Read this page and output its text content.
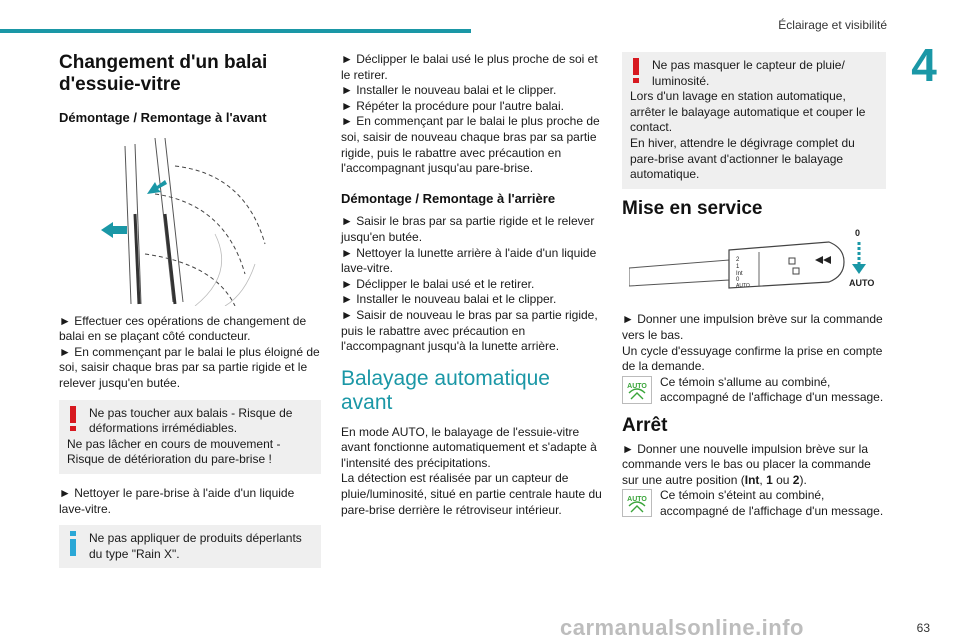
Éclairage et visibilité
4
Changement d'un balai d'essuie-vitre
Démontage / Remontage à l'avant

► Effectuer ces opérations de changement de balai en se plaçant côté conducteur.

► En commençant par le balai le plus éloigné de soi, saisir chaque bras par sa partie rigide et le relever jusqu'en butée.

Ne pas toucher aux balais - Risque de déformations irrémédiables.

Ne pas lâcher en cours de mouvement - Risque de détérioration du pare-brise !

► Nettoyer le pare-brise à l'aide d'un liquide lave-vitre.

Ne pas appliquer de produits déperlants du type "Rain X".

► Déclipper le balai usé le plus proche de soi et le retirer.

► Installer le nouveau balai et le clipper.

► Répéter la procédure pour l'autre balai.

► En commençant par le balai le plus proche de soi, saisir de nouveau chaque bras par sa partie rigide, puis le rabattre avec précaution en l'accompagnant jusqu'au pare-brise.

Démontage / Remontage à l'arrière

► Saisir le bras par sa partie rigide et le relever jusqu'en butée.

► Nettoyer la lunette arrière à l'aide d'un liquide lave-vitre.

► Déclipper le balai usé et le retirer.

► Installer le nouveau balai et le clipper.

► Saisir de nouveau le bras par sa partie rigide, puis le rabattre avec précaution en l'accompagnant jusqu'à la lunette arrière.

Balayage automatique avant

En mode AUTO, le balayage de l'essuie-vitre avant fonctionne automatiquement et s'adapte à l'intensité des précipitations.

La détection est réalisée par un capteur de pluie/luminosité, situé en partie centrale haute du pare-brise derrière le rétroviseur intérieur.

Ne pas masquer le capteur de pluie/ luminosité.

Lors d'un lavage en station automatique, arrêter le balayage automatique et couper le contact.

En hiver, attendre le dégivrage complet du pare-brise avant d'actionner le balayage automatique.

Mise en service
2
1
Int
0
AUTO
0
AUTO

► Donner une impulsion brève sur la commande vers le bas.

Un cycle d'essuyage confirme la prise en compte de la demande.

AUTO	Ce témoin s'allume au combiné, accompagné de l'affichage d'un message.

Arrêt

► Donner une nouvelle impulsion brève sur la commande vers le bas ou placer la commande sur une autre position (Int, 1 ou 2).

AUTO	Ce témoin s'éteint au combiné, accompagné de l'affichage d'un message.

carmanualsonline.info	63
